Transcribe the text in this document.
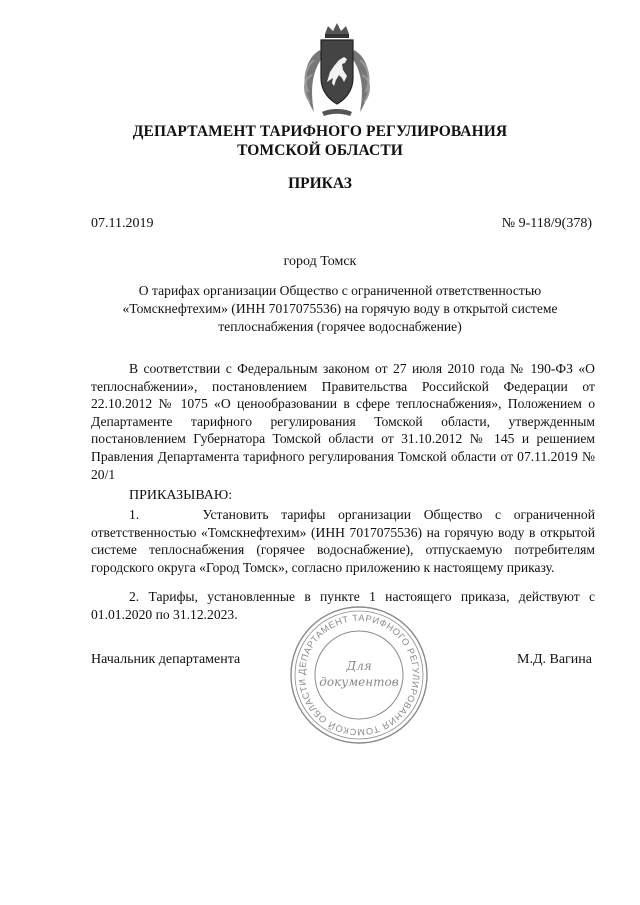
ДЕПАРТАМЕНТ ТАРИФНОГО РЕГУЛИРОВАНИЯ
ТОМСКОЙ ОБЛАСТИ
ПРИКАЗ
07.11.2019	№ 9-118/9(378)
город Томск
О тарифах организации Общество с ограниченной ответственностью
«Томскнефтехим» (ИНН 7017075536) на горячую воду в открытой системе
теплоснабжения (горячее водоснабжение)
В соответствии с Федеральным законом от 27 июля 2010 года № 190-ФЗ «О теплоснабжении», постановлением Правительства Российской Федерации от 22.10.2012 № 1075 «О ценообразовании в сфере теплоснабжения», Положением о Департаменте тарифного регулирования Томской области, утвержденным постановлением Губернатора Томской области от 31.10.2012 № 145 и решением Правления Департамента тарифного регулирования Томской области от 07.11.2019 № 20/1
ПРИКАЗЫВАЮ:
1.     Установить тарифы организации Общество с ограниченной ответственностью «Томскнефтехим» (ИНН 7017075536) на горячую воду в открытой системе теплоснабжения (горячее водоснабжение), отпускаемую потребителям городского округа «Город Томск», согласно приложению к настоящему приказу.
2. Тарифы, установленные в пункте 1 настоящего приказа, действуют с 01.01.2020 по 31.12.2023.
Начальник департамента	М.Д. Вагина
ДЕПАРТАМЕНТ ТАРИФНОГО РЕГУЛИРОВАНИЯ ТОМСКОЙ ОБЛАСТИ
Для
документов
